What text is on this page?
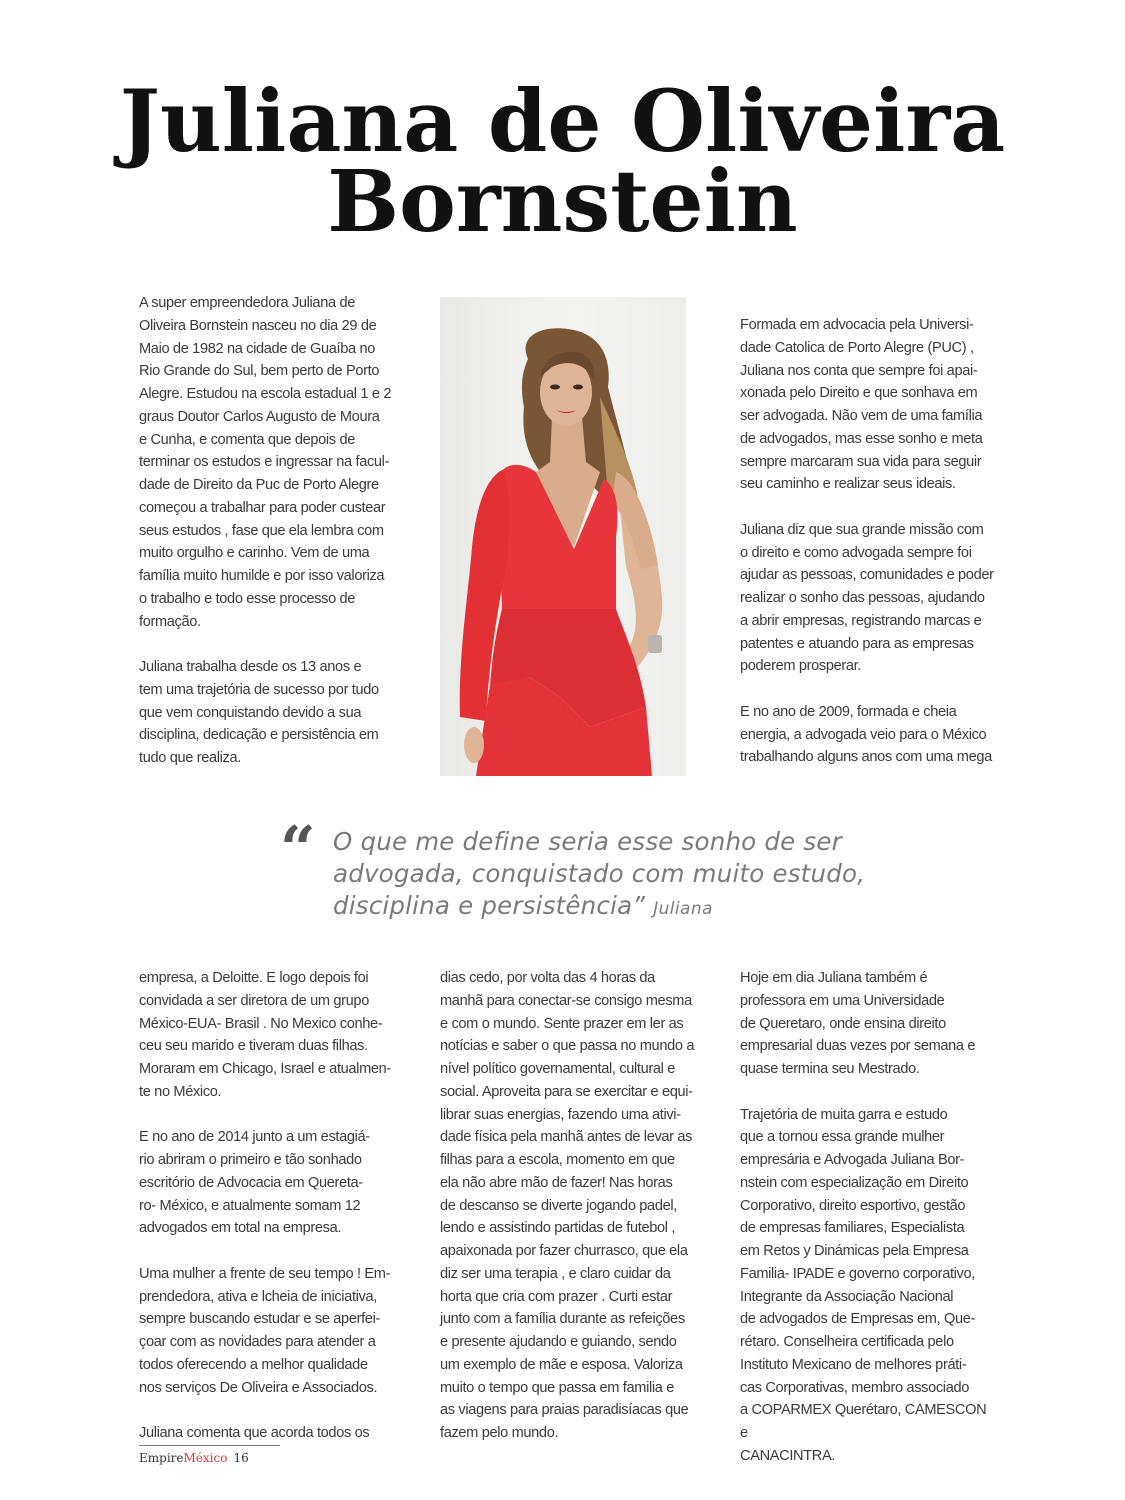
Juliana de Oliveira
Bornstein

A super empreendedora Juliana de
Oliveira Bornstein nasceu no dia 29 de
Maio de 1982 na cidade de Guaíba no
Rio Grande do Sul, bem perto de Porto
Alegre. Estudou na escola estadual 1 e 2
graus Doutor Carlos Augusto de Moura
e Cunha, e comenta que depois de
terminar os estudos e ingressar na facul-
dade de Direito da Puc de Porto Alegre
começou a trabalhar para poder custear
seus estudos , fase que ela lembra com
muito orgulho e carinho. Vem de uma
família muito humilde e por isso valoriza
o trabalho e todo esse processo de
formação.

Juliana trabalha desde os 13 anos e
tem uma trajetória de sucesso por tudo
que vem conquistando devido a sua
disciplina, dedicação e persistência em
tudo que realiza.

Formada em advocacia pela Universi-
dade Catolica de Porto Alegre (PUC) ,
Juliana nos conta que sempre foi apai-
xonada pelo Direito e que sonhava em
ser advogada. Não vem de uma família
de advogados, mas esse sonho e meta
sempre marcaram sua vida para seguir
seu caminho e realizar seus ideais.

Juliana diz que sua grande missão com
o direito e como advogada sempre foi
ajudar as pessoas, comunidades e poder
realizar o sonho das pessoas, ajudando
a abrir empresas, registrando marcas e
patentes e atuando para as empresas
poderem prosperar.

E no ano de 2009, formada e cheia
energia, a advogada veio para o México
trabalhando alguns anos com uma mega

“ O que me define seria esse sonho de ser
advogada, conquistado com muito estudo,
disciplina e persistência” Juliana

empresa, a Deloitte. E logo depois foi
convidada a ser diretora de um grupo
México-EUA- Brasil . No Mexico conhe-
ceu seu marido e tiveram duas filhas.
Moraram em Chicago, Israel e atualmen-
te no México.

E no ano de 2014 junto a um estagiá-
rio abriram o primeiro e tão sonhado
escritório de Advocacia em Quereta-
ro- México, e atualmente somam 12
advogados em total na empresa.

Uma mulher a frente de seu tempo ! Em-
prendedora, ativa e lcheia de iniciativa,
sempre buscando estudar e se aperfei-
çoar com as novidades para atender a
todos oferecendo a melhor qualidade
nos serviços De Oliveira e Associados.

Juliana comenta que acorda todos os

dias cedo, por volta das 4 horas da
manhã para conectar-se consigo mesma
e com o mundo. Sente prazer em ler as
notícias e saber o que passa no mundo a
nível político governamental, cultural e
social. Aproveita para se exercitar e equi-
librar suas energias, fazendo uma ativi-
dade física pela manhã antes de levar as
filhas para a escola, momento em que
ela não abre mão de fazer! Nas horas
de descanso se diverte jogando padel,
lendo e assistindo partidas de futebol ,
apaixonada por fazer churrasco, que ela
diz ser uma terapia , e claro cuidar da
horta que cria com prazer . Curti estar
junto com a família durante as refeições
e presente ajudando e guiando, sendo
um exemplo de mãe e esposa. Valoriza
muito o tempo que passa em familia e
as viagens para praias paradisíacas que
fazem pelo mundo.

Hoje em dia Juliana também é
professora em uma Universidade
de Queretaro, onde ensina direito
empresarial duas vezes por semana e
quase termina seu Mestrado.

Trajetória de muita garra e estudo
que a tornou essa grande mulher
empresária e Advogada Juliana Bor-
nstein com especialização em Direito
Corporativo, direito esportivo, gestão
de empresas familiares, Especialista
em Retos y Dinámicas pela Empresa
Familia- IPADE e governo corporativo,
Integrante da Associação Nacional
de advogados de Empresas em, Que-
rétaro. Conselheira certificada pelo
Instituto Mexicano de melhores práti-
cas Corporativas, membro associado
a COPARMEX Querétaro, CAMESCON e
CANACINTRA.

EmpireMéxico 16
